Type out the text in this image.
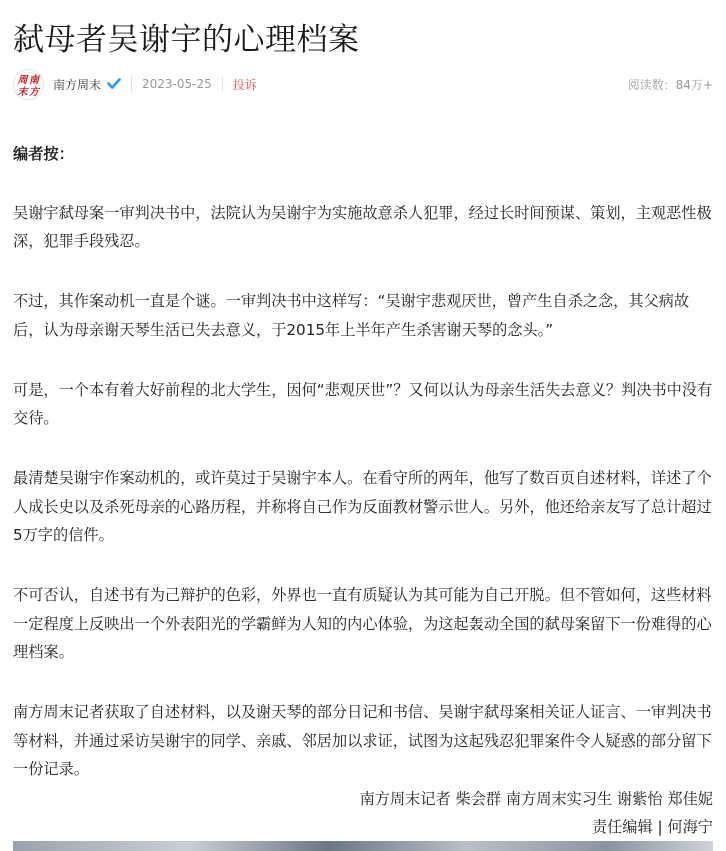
弑母者吴谢宇的心理档案
周 南
末 方
南方周末	2023-05-25 投诉	阅读数：84万+

编者按：

吴谢宇弑母案一审判决书中，法院认为吴谢宇为实施故意杀人犯罪，经过长时间预谋、策划，主观恶性极深，犯罪手段残忍。

不过，其作案动机一直是个谜。一审判决书中这样写：“吴谢宇悲观厌世，曾产生自杀之念，其父病故后，认为母亲谢天琴生活已失去意义，于2015年上半年产生杀害谢天琴的念头。”

可是，一个本有着大好前程的北大学生，因何“悲观厌世”？又何以认为母亲生活失去意义？判决书中没有交待。

最清楚吴谢宇作案动机的，或许莫过于吴谢宇本人。在看守所的两年，他写了数百页自述材料，详述了个人成长史以及杀死母亲的心路历程，并称将自己作为反面教材警示世人。另外，他还给亲友写了总计超过5万字的信件。

不可否认，自述书有为己辩护的色彩，外界也一直有质疑认为其可能为自己开脱。但不管如何，这些材料一定程度上反映出一个外表阳光的学霸鲜为人知的内心体验，为这起轰动全国的弑母案留下一份难得的心理档案。

南方周末记者获取了自述材料，以及谢天琴的部分日记和书信、吴谢宇弑母案相关证人证言、一审判决书等材料，并通过采访吴谢宇的同学、亲戚、邻居加以求证，试图为这起残忍犯罪案件令人疑惑的部分留下一份记录。

南方周末记者 柴会群 南方周末实习生 谢紫怡 郑佳妮
责任编辑 | 何海宁
